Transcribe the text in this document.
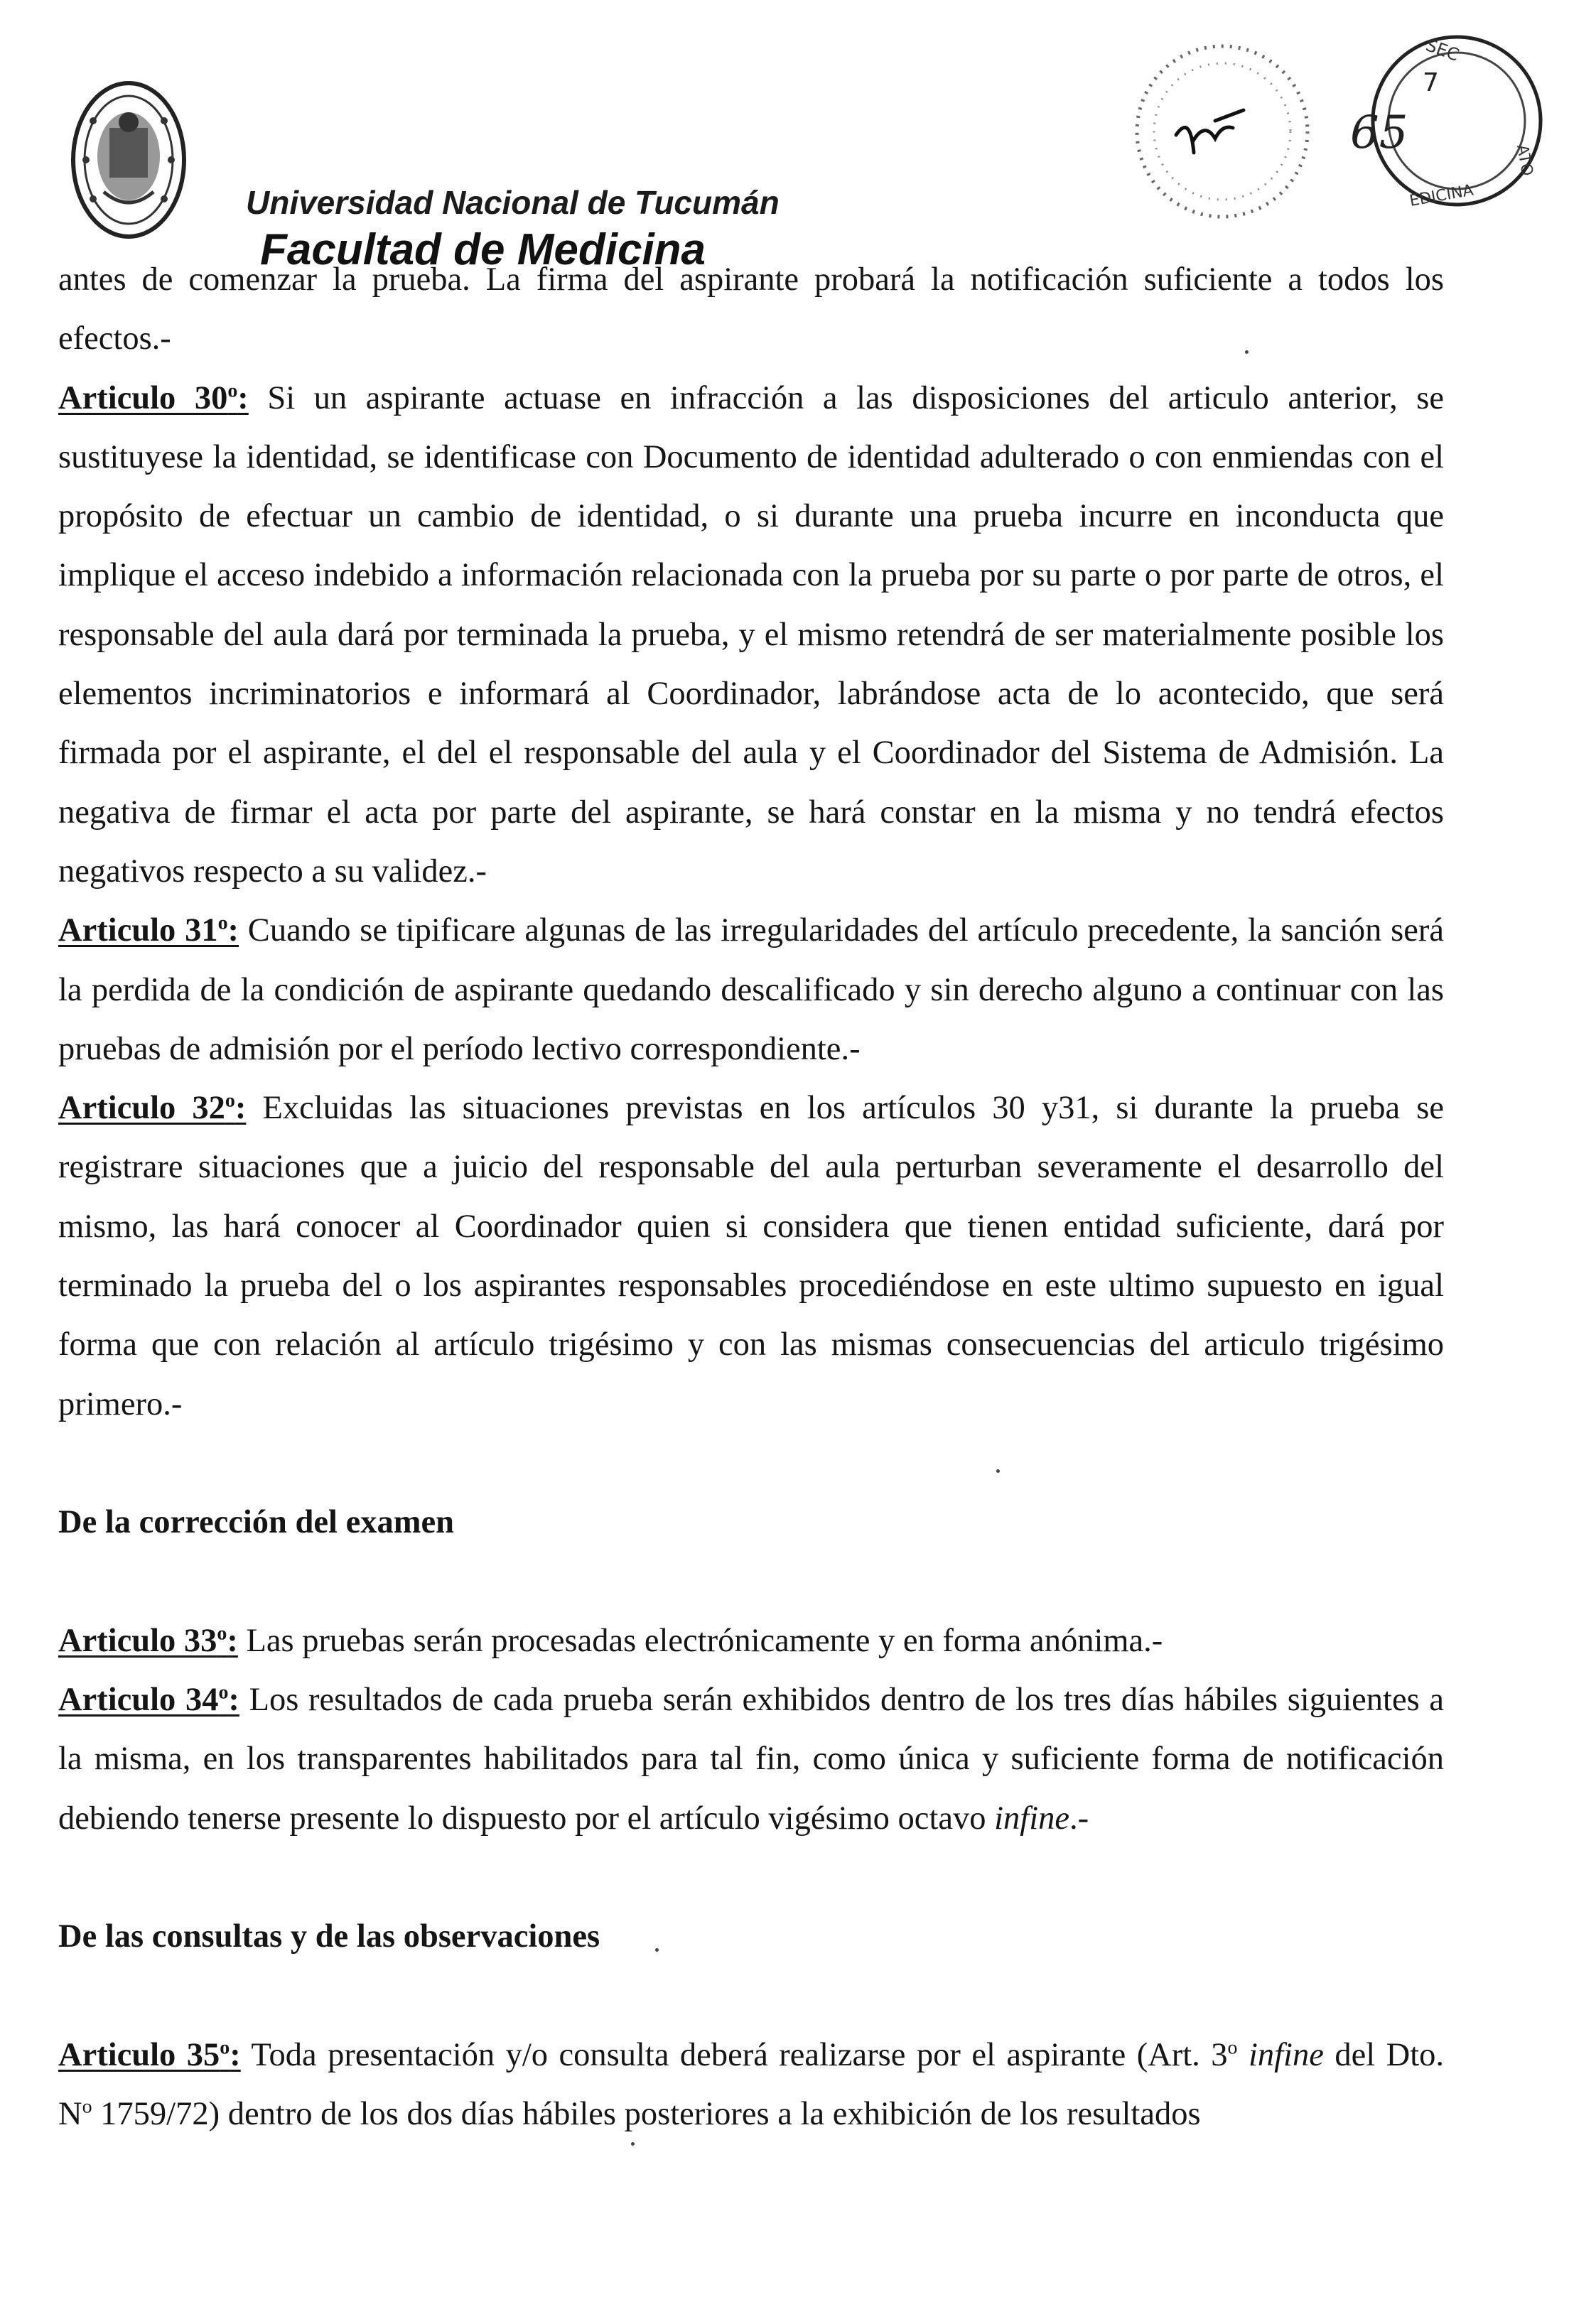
Universidad Nacional de Tucumán
Facultad de Medicina
SEC
EDICINA
ATO
7
65

antes de comenzar la prueba. La firma del aspirante probará la notificación suficiente a todos los efectos.-

Articulo 30$^o$: Si un aspirante actuase en infracción a las disposiciones del articulo anterior, se sustituyese la identidad, se identificase con Documento de identidad adulterado o con enmiendas con el propósito de efectuar un cambio de identidad, o si durante una prueba incurre en inconducta que implique el acceso indebido a información relacionada con la prueba por su parte o por parte de otros, el responsable del aula dará por terminada la prueba, y el mismo retendrá de ser materialmente posible los elementos incriminatorios e informará al Coordinador, labrándose acta de lo acontecido, que será firmada por el aspirante, el del el responsable del aula y el Coordinador del Sistema de Admisión. La negativa de firmar el acta por parte del aspirante, se hará constar en la misma y no tendrá efectos negativos respecto a su validez.-

Articulo 31$^o$: Cuando se tipificare algunas de las irregularidades del artículo precedente, la sanción será la perdida de la condición de aspirante quedando descalificado y sin derecho alguno a continuar con las pruebas de admisión por el período lectivo correspondiente.-

Articulo 32$^o$: Excluidas las situaciones previstas en los artículos 30 y31, si durante la prueba se registrare situaciones que a juicio del responsable del aula perturban severamente el desarrollo del mismo, las hará conocer al Coordinador quien si considera que tienen entidad suficiente, dará por terminado la prueba del o los aspirantes responsables procediéndose en este ultimo supuesto en igual forma que con relación al artículo trigésimo y con las mismas consecuencias del articulo trigésimo primero.-

De la corrección del examen

Articulo 33$^o$: Las pruebas serán procesadas electrónicamente y en forma anónima.-

Articulo 34$^o$: Los resultados de cada prueba serán exhibidos dentro de los tres días hábiles siguientes a la misma, en los transparentes habilitados para tal fin, como única y suficiente forma de notificación debiendo tenerse presente lo dispuesto por el artículo vigésimo octavo infine.-

De las consultas y de las observaciones

Articulo 35$^o$: Toda presentación y/o consulta deberá realizarse por el aspirante (Art. 3$^o$ infine del Dto. $N^o$ 1759/72) dentro de los dos días hábiles posteriores a la exhibición de los resultados
